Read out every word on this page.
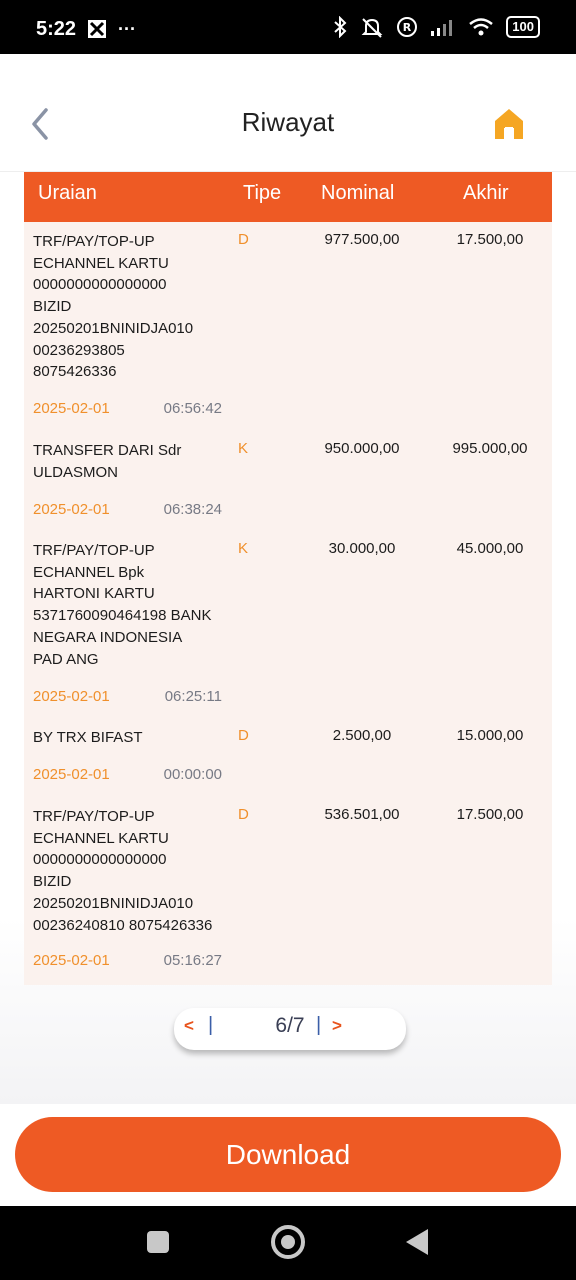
5:22 ···	R	100
Riwayat
Uraian	Tipe Nominal	Akhir
TRF/PAY/TOP-UP
ECHANNEL KARTU
0000000000000000
BIZID
20250201BNINIDJA010
00236293805
8075426336
D	977.500,00	17.500,00
2025-02-01	06:56:42
TRANSFER DARI Sdr
ULDASMON
K	950.000,00	995.000,00
2025-02-01	06:38:24
TRF/PAY/TOP-UP
ECHANNEL Bpk
HARTONI KARTU
5371760090464198 BANK
NEGARA INDONESIA
PAD ANG
K	30.000,00	45.000,00
2025-02-01	06:25:11
BY TRX BIFAST	D	2.500,00	15.000,00
2025-02-01	00:00:00
TRF/PAY/TOP-UP
ECHANNEL KARTU
0000000000000000
BIZID
20250201BNINIDJA010
00236240810 8075426336
D	536.501,00	17.500,00
2025-02-01	05:16:27
< |	6/7 | >
Download
